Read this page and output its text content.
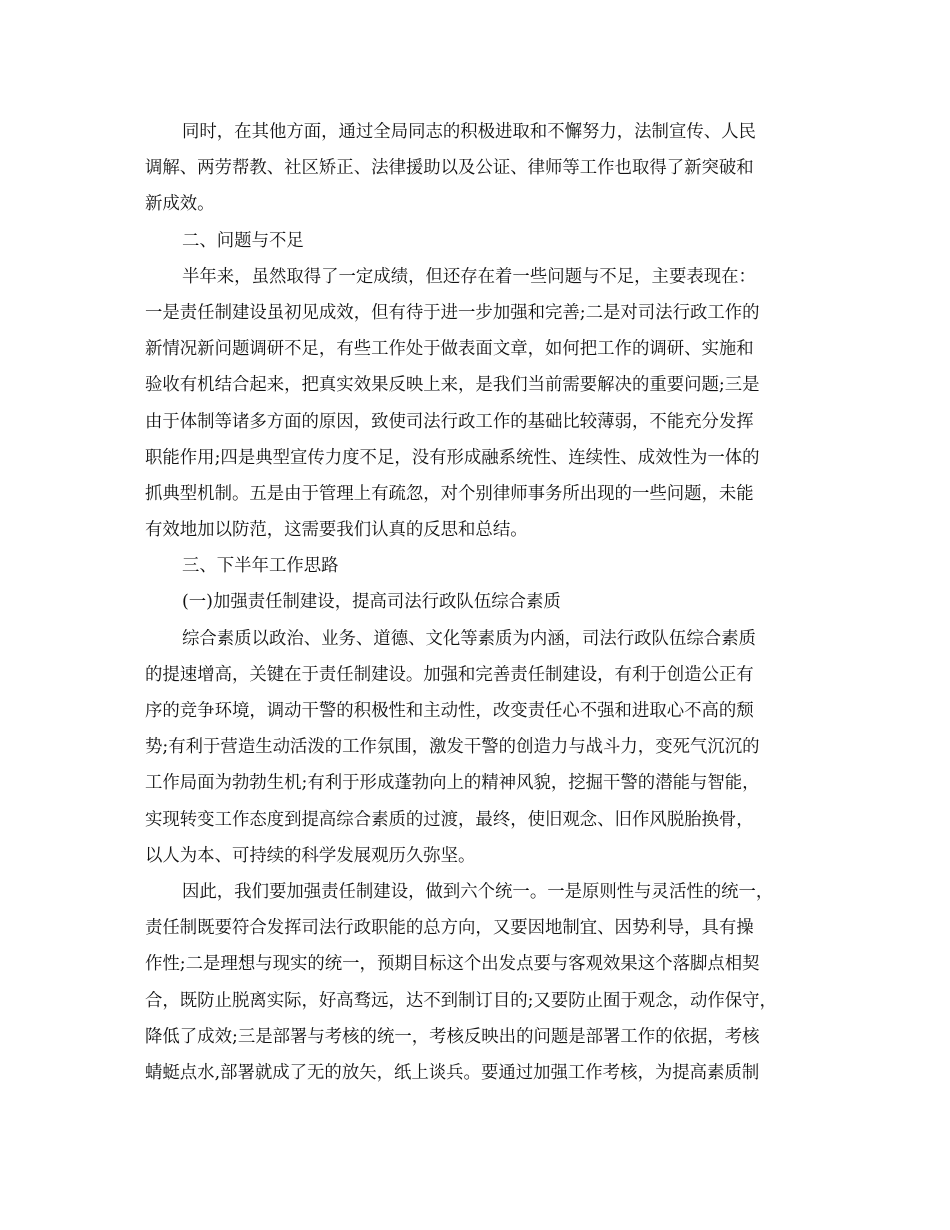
同时，在其他方面，通过全局同志的积极进取和不懈努力，法制宣传、人民
调解、两劳帮教、社区矫正、法律援助以及公证、律师等工作也取得了新突破和
新成效。
二、问题与不足
半年来，虽然取得了一定成绩，但还存在着一些问题与不足，主要表现在：
一是责任制建设虽初见成效，但有待于进一步加强和完善;二是对司法行政工作的
新情况新问题调研不足，有些工作处于做表面文章，如何把工作的调研、实施和
验收有机结合起来，把真实效果反映上来，是我们当前需要解决的重要问题;三是
由于体制等诸多方面的原因，致使司法行政工作的基础比较薄弱，不能充分发挥
职能作用;四是典型宣传力度不足，没有形成融系统性、连续性、成效性为一体的
抓典型机制。五是由于管理上有疏忽，对个别律师事务所出现的一些问题，未能
有效地加以防范，这需要我们认真的反思和总结。
三、下半年工作思路
(一)加强责任制建设，提高司法行政队伍综合素质
综合素质以政治、业务、道德、文化等素质为内涵，司法行政队伍综合素质
的提速增高，关键在于责任制建设。加强和完善责任制建设，有利于创造公正有
序的竞争环境，调动干警的积极性和主动性，改变责任心不强和进取心不高的颓
势;有利于营造生动活泼的工作氛围，激发干警的创造力与战斗力，变死气沉沉的
工作局面为勃勃生机;有利于形成蓬勃向上的精神风貌，挖掘干警的潜能与智能，
实现转变工作态度到提高综合素质的过渡，最终，使旧观念、旧作风脱胎换骨，
以人为本、可持续的科学发展观历久弥坚。
因此，我们要加强责任制建设，做到六个统一。一是原则性与灵活性的统一，
责任制既要符合发挥司法行政职能的总方向，又要因地制宜、因势利导，具有操
作性;二是理想与现实的统一，预期目标这个出发点要与客观效果这个落脚点相契
合，既防止脱离实际，好高骛远，达不到制订目的;又要防止囿于观念，动作保守，
降低了成效;三是部署与考核的统一，考核反映出的问题是部署工作的依据，考核
蜻蜓点水,部署就成了无的放矢，纸上谈兵。要通过加强工作考核，为提高素质制
